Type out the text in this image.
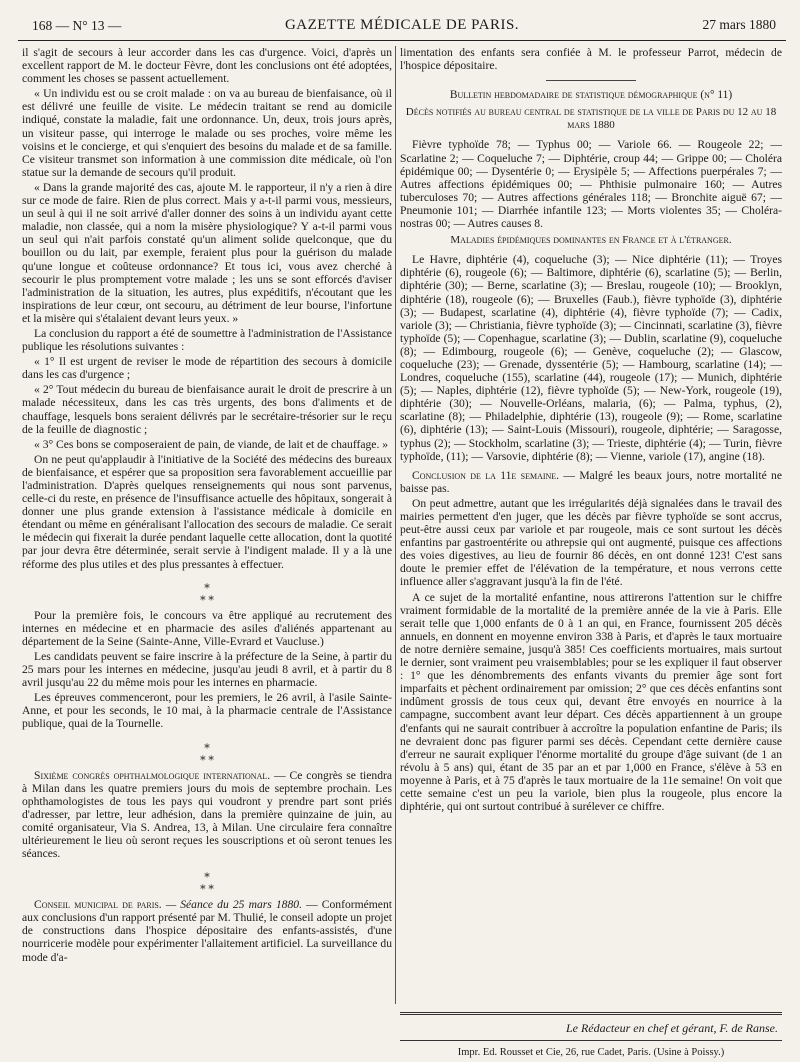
168 — N° 13 —	GAZETTE MÉDICALE DE PARIS.	27 mars 1880

il s'agit de secours à leur accorder dans les cas d'urgence. Voici, d'après un excellent rapport de M. le docteur Fèvre, dont les conclusions ont été adoptées, comment les choses se passent actuellement.

« Un individu est ou se croit malade : on va au bureau de bienfaisance, où il est délivré une feuille de visite. Le médecin traitant se rend au domicile indiqué, constate la maladie, fait une ordonnance. Un, deux, trois jours après, un visiteur passe, qui interroge le malade ou ses proches, voire même les voisins et le concierge, et qui s'enquiert des besoins du malade et de sa famille. Ce visiteur transmet son information à une commission dite médicale, où l'on statue sur la demande de secours qu'il produit.

« Dans la grande majorité des cas, ajoute M. le rapporteur, il n'y a rien à dire sur ce mode de faire. Rien de plus correct. Mais y a-t-il parmi vous, messieurs, un seul à qui il ne soit arrivé d'aller donner des soins à un individu ayant cette maladie, non classée, qui a nom la misère physiologique? Y a-t-il parmi vous un seul qui n'ait parfois constaté qu'un aliment solide quelconque, que du bouillon ou du lait, par exemple, feraient plus pour la guérison du malade qu'une longue et coûteuse ordonnance? Et tous ici, vous avez cherché à secourir le plus promptement votre malade ; les uns se sont efforcés d'aviser l'administration de la situation, les autres, plus expéditifs, n'écoutant que les inspirations de leur cœur, ont secouru, au détriment de leur bourse, l'infortune et la misère qui s'étalaient devant leurs yeux. »

La conclusion du rapport a été de soumettre à l'administration de l'Assistance publique les résolutions suivantes :

« 1° Il est urgent de reviser le mode de répartition des secours à domicile dans les cas d'urgence ;

« 2° Tout médecin du bureau de bienfaisance aurait le droit de prescrire à un malade nécessiteux, dans les cas très urgents, des bons d'aliments et de chauffage, lesquels bons seraient délivrés par le secrétaire-trésorier sur le reçu de la feuille de diagnostic ;

« 3° Ces bons se composeraient de pain, de viande, de lait et de chauffage. »

On ne peut qu'applaudir à l'initiative de la Société des médecins des bureaux de bienfaisance, et espérer que sa proposition sera favorablement accueillie par l'administration. D'après quelques renseignements qui nous sont parvenus, celle-ci du reste, en présence de l'insuffisance actuelle des hôpitaux, songerait à donner une plus grande extension à l'assistance médicale à domicile en étendant ou même en généralisant l'allocation des secours de maladie. Ce serait le médecin qui fixerait la durée pendant laquelle cette allocation, dont la quotité par jour devra être déterminée, serait servie à l'indigent malade. Il y a là une réforme des plus utiles et des plus pressantes à effectuer.

⁎
⁎ ⁎

Pour la première fois, le concours va être appliqué au recrutement des internes en médecine et en pharmacie des asiles d'aliénés appartenant au département de la Seine (Sainte-Anne, Ville-Evrard et Vaucluse.)

Les candidats peuvent se faire inscrire à la préfecture de la Seine, à partir du 25 mars pour les internes en médecine, jusqu'au jeudi 8 avril, et à partir du 8 avril jusqu'au 22 du même mois pour les internes en pharmacie.

Les épreuves commenceront, pour les premiers, le 26 avril, à l'asile Sainte-Anne, et pour les seconds, le 10 mai, à la pharmacie centrale de l'Assistance publique, quai de la Tournelle.

⁎
⁎ ⁎

Sixième congrès ophthalmologique international. — Ce congrès se tiendra à Milan dans les quatre premiers jours du mois de septembre prochain. Les ophthamologistes de tous les pays qui voudront y prendre part sont priés d'adresser, par lettre, leur adhésion, dans la première quinzaine de juin, au comité organisateur, Via S. Andrea, 13, à Milan. Une circulaire fera connaître ultérieurement le lieu où seront reçues les souscriptions et où seront tenues les séances.

⁎
⁎ ⁎

Conseil municipal de paris. — Séance du 25 mars 1880. — Conformément aux conclusions d'un rapport présenté par M. Thulié, le conseil adopte un projet de constructions dans l'hospice dépositaire des enfants-assistés, d'une nourricerie modèle pour expérimenter l'allaitement artificiel. La surveillance du mode d'a-

limentation des enfants sera confiée à M. le professeur Parrot, médecin de l'hospice dépositaire.

Bulletin hebdomadaire de statistique démographique (n° 11)
Décès notifiés au bureau central de statistique de la ville de Paris du 12 au 18 mars 1880

Fièvre typhoïde 78; — Typhus 00; — Variole 66. — Rougeole 22; — Scarlatine 2; — Coqueluche 7; — Diphtérie, croup 44; — Grippe 00; — Choléra épidémique 00; — Dysentérie 0; — Erysipèle 5; — Affections puerpérales 7; — Autres affections épidémiques 00; — Phthisie pulmonaire 160; — Autres tuberculoses 70; — Autres affections générales 118; — Bronchite aiguë 67; — Pneumonie 101; — Diarrhée infantile 123; — Morts violentes 35; — Choléra-nostras 00; — Autres causes 8.

Maladies épidémiques dominantes en France et à l'étranger.

Le Havre, diphtérie (4), coqueluche (3); — Nice diphtérie (11); — Troyes diphtérie (6), rougeole (6); — Baltimore, diphtérie (6), scarlatine (5); — Berlin, diphtérie (30); — Berne, scarlatine (3); — Breslau, rougeole (10); — Brooklyn, diphtérie (18), rougeole (6); — Bruxelles (Faub.), fièvre typhoïde (3), diphtérie (3); — Budapest, scarlatine (4), diphtérie (4), fièvre typhoïde (7); — Cadix, variole (3); — Christiania, fièvre typhoïde (3); — Cincinnati, scarlatine (3), fièvre typhoïde (5); — Copenhague, scarlatine (3); — Dublin, scarlatine (9), coqueluche (8); — Edimbourg, rougeole (6); — Genève, coqueluche (2); — Glascow, coqueluche (23); — Grenade, dyssentérie (5); — Hambourg, scarlatine (14); — Londres, coqueluche (155), scarlatine (44), rougeole (17); — Munich, diphtérie (5); — Naples, diphtérie (12), fièvre typhoïde (5); — New-York, rougeole (19), diphtérie (30); — Nouvelle-Orléans, malaria, (6); — Palma, typhus, (2), scarlatine (8); — Philadelphie, diphtérie (13), rougeole (9); — Rome, scarlatine (6), diphtérie (13); — Saint-Louis (Missouri), rougeole, diphtérie; — Saragosse, typhus (2); — Stockholm, scarlatine (3); — Trieste, diphtérie (4); — Turin, fièvre typhoïde, (11); — Varsovie, diphtérie (8); — Vienne, variole (17), angine (18).

Conclusion de la 11e semaine. — Malgré les beaux jours, notre mortalité ne baisse pas.

On peut admettre, autant que les irrégularités déjà signalées dans le travail des mairies permettent d'en juger, que les décès par fièvre typhoïde se sont accrus, peut-être aussi ceux par variole et par rougeole, mais ce sont surtout les décès enfantins par gastroentérite ou athrepsie qui ont augmenté, puisque ces affections des voies digestives, au lieu de fournir 86 décès, en ont donné 123! C'est sans doute le premier effet de l'élévation de la température, et nous verrons cette influence aller s'aggravant jusqu'à la fin de l'été.

A ce sujet de la mortalité enfantine, nous attirerons l'attention sur le chiffre vraiment formidable de la mortalité de la première année de la vie à Paris. Elle serait telle que 1,000 enfants de 0 à 1 an qui, en France, fournissent 205 décès annuels, en donnent en moyenne environ 338 à Paris, et d'après le taux mortuaire de notre dernière semaine, jusqu'à 385! Ces coefficients mortuaires, mais surtout le dernier, sont vraiment peu vraisemblables; pour se les expliquer il faut observer : 1° que les dénombrements des enfants vivants du premier âge sont fort imparfaits et pèchent ordinairement par omission; 2° que ces décès enfantins sont indûment grossis de tous ceux qui, devant être envoyés en nourrice à la campagne, succombent avant leur départ. Ces décès appartiennent à un groupe d'enfants qui ne saurait contribuer à accroître la population enfantine de Paris; ils ne devraient donc pas figurer parmi ses décès. Cependant cette dernière cause d'erreur ne saurait expliquer l'énorme mortalité du groupe d'âge suivant (de 1 an révolu à 5 ans) qui, étant de 35 par an et par 1,000 en France, s'élève à 53 en moyenne à Paris, et à 75 d'après le taux mortuaire de la 11e semaine! On voit que cette semaine c'est un peu la variole, bien plus la rougeole, plus encore la diphtérie, qui ont surtout contribué à surélever ce chiffre.

Le Rédacteur en chef et gérant, F. de Ranse.
Impr. Ed. Rousset et Cie, 26, rue Cadet, Paris. (Usine à Poissy.)
